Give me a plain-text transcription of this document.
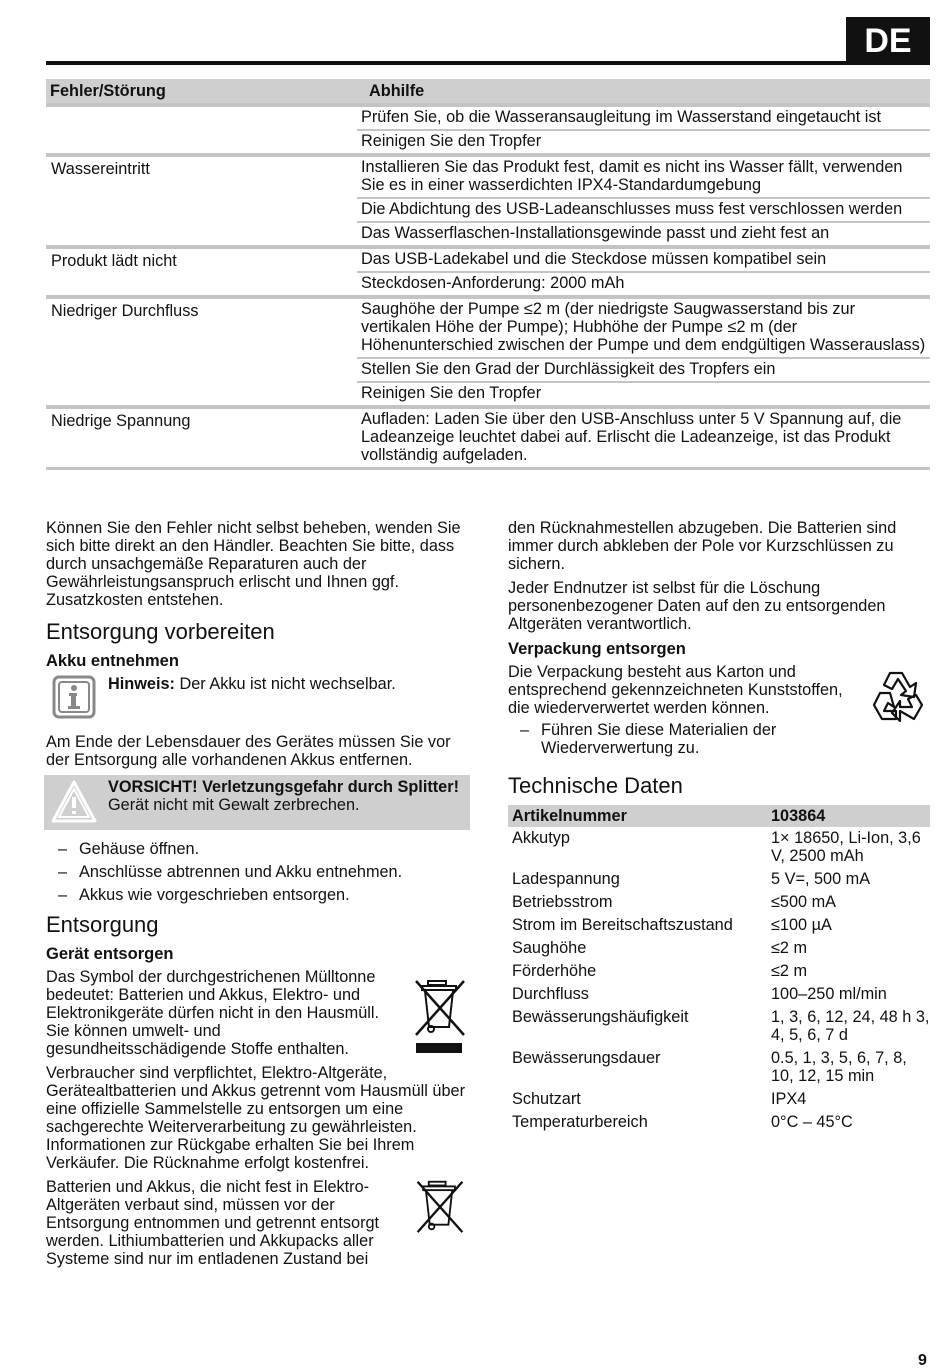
DE
Fehler/Störung	Abhilfe
Prüfen Sie, ob die Wasseransaugleitung im Wasserstand eingetaucht ist
Reinigen Sie den Tropfer
Wassereintritt	Installieren Sie das Produkt fest, damit es nicht ins Wasser fällt, verwenden Sie es in einer wasserdichten IPX4-Standardumgebung
Die Abdichtung des USB-Ladeanschlusses muss fest verschlossen werden
Das Wasserflaschen-Installationsgewinde passt und zieht fest an
Produkt lädt nicht	Das USB-Ladekabel und die Steckdose müssen kompatibel sein
Steckdosen-Anforderung: 2000 mAh
Niedriger Durchfluss	Saughöhe der Pumpe ≤2 m (der niedrigste Saugwasserstand bis zur vertikalen Höhe der Pumpe); Hubhöhe der Pumpe ≤2 m (der Höhenunterschied zwischen der Pumpe und dem endgültigen Wasserauslass)
Stellen Sie den Grad der Durchlässigkeit des Tropfers ein
Reinigen Sie den Tropfer
Niedrige Spannung	Aufladen: Laden Sie über den USB-Anschluss unter 5 V Spannung auf, die Ladeanzeige leuchtet dabei auf. Erlischt die Ladeanzeige, ist das Produkt vollständig aufgeladen.

Können Sie den Fehler nicht selbst beheben, wenden Sie sich bitte direkt an den Händler. Beachten Sie bitte, dass durch unsachgemäße Reparaturen auch der Gewährleistungsanspruch erlischt und Ihnen ggf. Zusatzkosten entstehen.

Entsorgung vorbereiten
Akku entnehmen
Hinweis: Der Akku ist nicht wechselbar.

Am Ende der Lebensdauer des Gerätes müssen Sie vor der Entsorgung alle vorhandenen Akkus entfernen.

VORSICHT! Verletzungsgefahr durch Splitter! Gerät nicht mit Gewalt zerbrechen.
– Gehäuse öffnen.
– Anschlüsse abtrennen und Akku entnehmen.
– Akkus wie vorgeschrieben entsorgen.
Entsorgung
Gerät entsorgen

Das Symbol der durchgestrichenen Mülltonne bedeutet: Batterien und Akkus, Elektro- und Elektronikgeräte dürfen nicht in den Hausmüll. Sie können umwelt- und gesundheitsschädigende Stoffe enthalten.

Verbraucher sind verpflichtet, Elektro-Altgeräte, Gerätealtbatterien und Akkus getrennt vom Hausmüll über eine offizielle Sammelstelle zu entsorgen um eine sachgerechte Weiterverarbeitung zu gewährleisten. Informationen zur Rückgabe erhalten Sie bei Ihrem Verkäufer. Die Rücknahme erfolgt kostenfrei.

Batterien und Akkus, die nicht fest in Elektro-Altgeräten verbaut sind, müssen vor der Entsorgung entnommen und getrennt entsorgt werden. Lithiumbatterien und Akkupacks aller Systeme sind nur im entladenen Zustand bei

den Rücknahmestellen abzugeben. Die Batterien sind immer durch abkleben der Pole vor Kurzschlüssen zu sichern.

Jeder Endnutzer ist selbst für die Löschung personenbezogener Daten auf den zu entsorgenden Altgeräten verantwortlich.

Verpackung entsorgen

Die Verpackung besteht aus Karton und entsprechend gekennzeichneten Kunststoffen, die wiederverwertet werden können.

– Führen Sie diese Materialien der Wiederverwertung zu.
Technische Daten
Artikelnummer	103864
Akkutyp	1× 18650, Li-Ion, 3,6 V, 2500 mAh
Ladespannung	5 V=, 500 mA
Betriebsstrom	≤500 mA
Strom im Bereitschaftszustand	≤100 µA
Saughöhe	≤2 m
Förderhöhe	≤2 m
Durchfluss	100–250 ml/min
Bewässerungshäufigkeit	1, 3, 6, 12, 24, 48 h 3, 4, 5, 6, 7 d
Bewässerungsdauer	0.5, 1, 3, 5, 6, 7, 8, 10, 12, 15 min
Schutzart	IPX4
Temperaturbereich	0°C – 45°C
9
